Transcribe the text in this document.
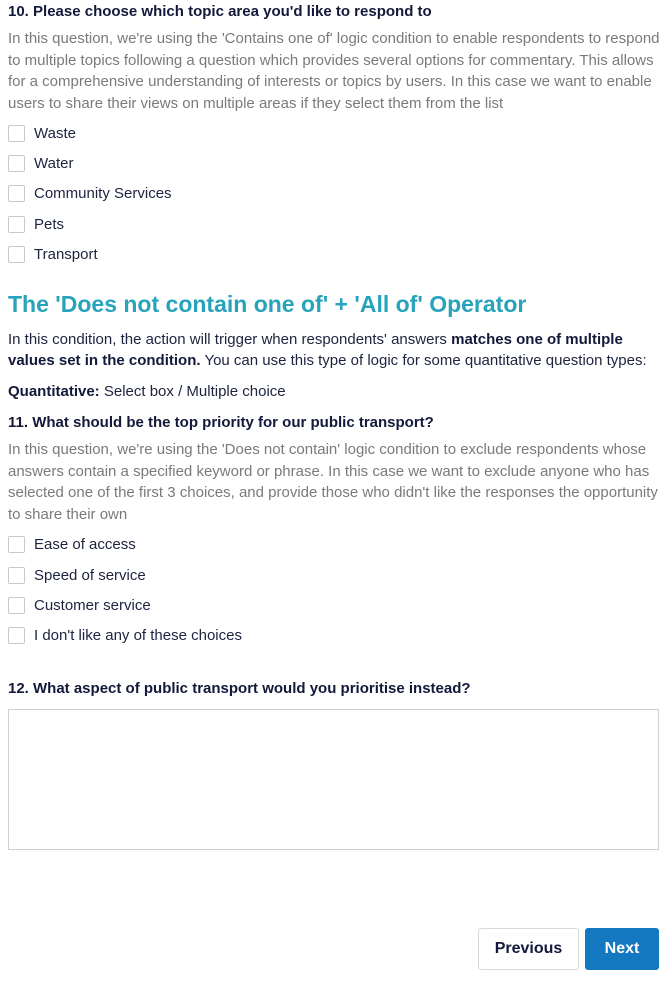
10. Please choose which topic area you'd like to respond to
In this question, we're using the 'Contains one of' logic condition to enable respondents to respond to multiple topics following a question which provides several options for commentary. This allows for a comprehensive understanding of interests or topics by users. In this case we want to enable users to share their views on multiple areas if they select them from the list
Waste
Water
Community Services
Pets
Transport
The 'Does not contain one of' + 'All of' Operator
In this condition, the action will trigger when respondents' answers matches one of multiple values set in the condition. You can use this type of logic for some quantitative question types:
Quantitative: Select box / Multiple choice
11. What should be the top priority for our public transport?
In this question, we're using the 'Does not contain' logic condition to exclude respondents whose answers contain a specified keyword or phrase. In this case we want to exclude anyone who has selected one of the first 3 choices, and provide those who didn't like the responses the opportunity to share their own
Ease of access
Speed of service
Customer service
I don't like any of these choices
12. What aspect of public transport would you prioritise instead?
Previous	Next
